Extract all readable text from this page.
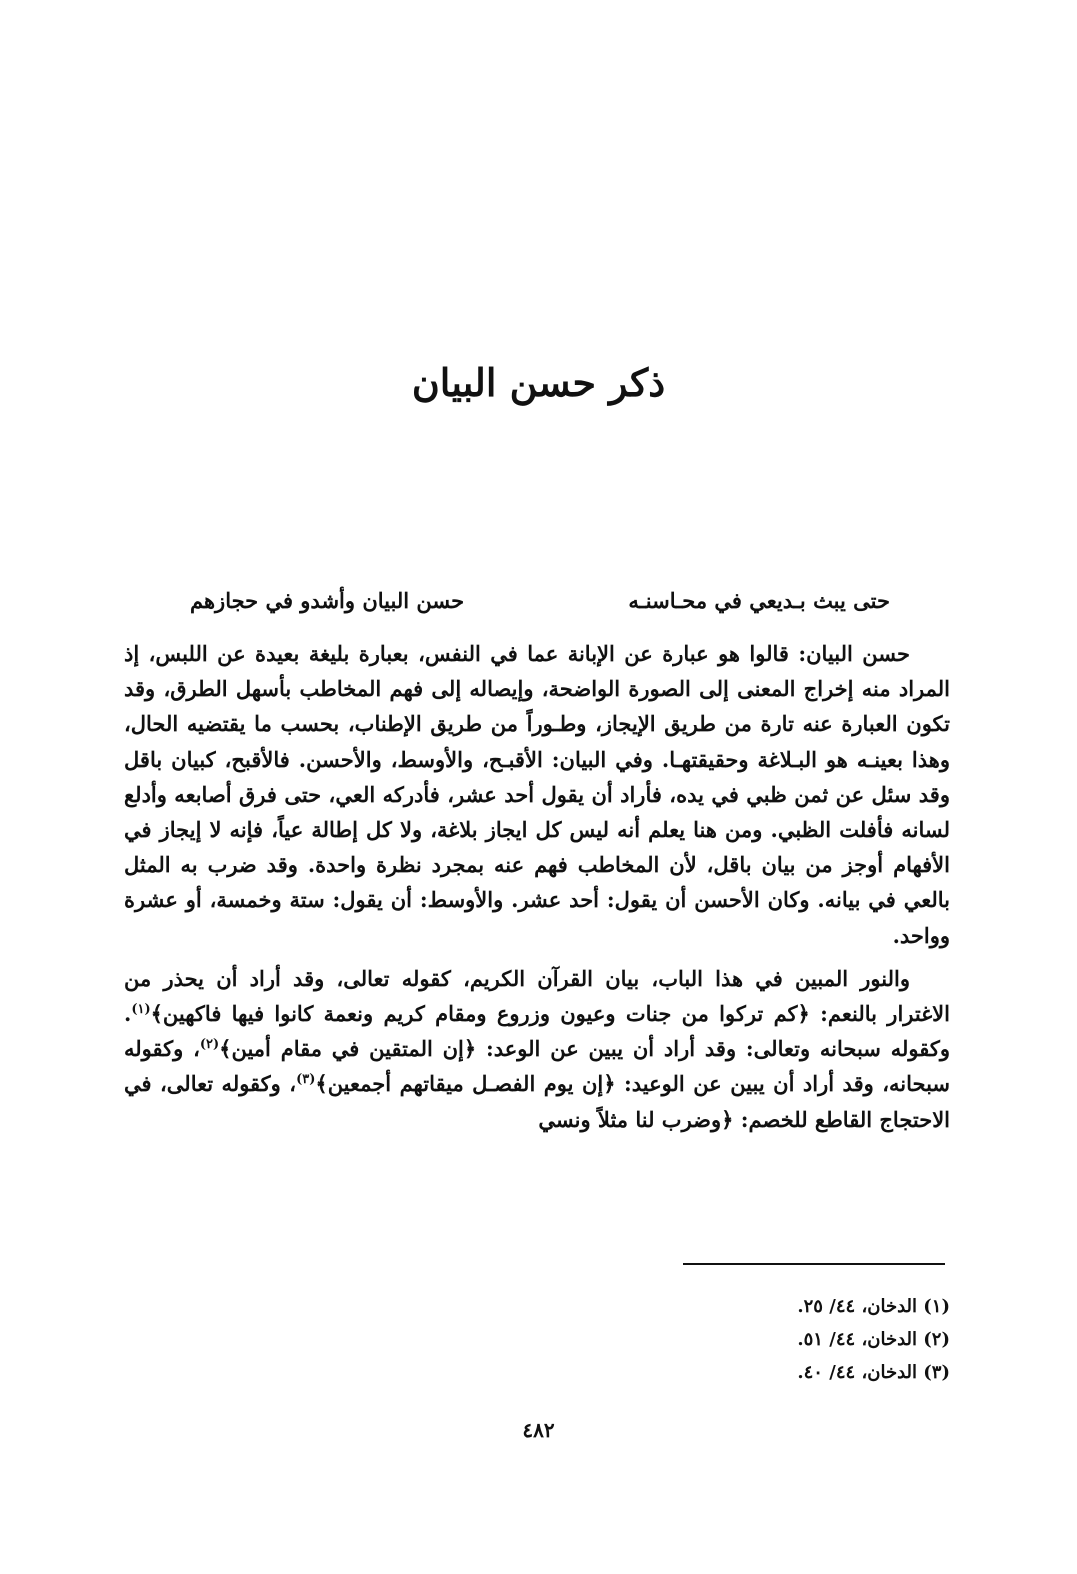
ذكر حسن البيان
حتى يبث بـديعي في محـاسنـه
حسن البيان وأشدو في حجازهم

حسن البيان: قالوا هو عبارة عن الإبانة عما في النفس، بعبارة بليغة بعيدة عن اللبس، إذ المراد منه إخراج المعنى إلى الصورة الواضحة، وإيصاله إلى فهم المخاطب بأسهل الطرق، وقد تكون العبارة عنه تارة من طريق الإيجاز، وطـوراً من طريق الإطناب، بحسب ما يقتضيه الحال، وهذا بعينـه هو البـلاغة وحقيقتهـا. وفي البيان: الأقبـح، والأوسط، والأحسن. فالأقبح، كبيان باقل وقد سئل عن ثمن ظبي في يده، فأراد أن يقول أحد عشر، فأدركه العي، حتى فرق أصابعه وأدلع لسانه فأفلت الظبي. ومن هنا يعلم أنه ليس كل ايجاز بلاغة، ولا كل إطالة عياً، فإنه لا إيجاز في الأفهام أوجز من بيان باقل، لأن المخاطب فهم عنه بمجرد نظرة واحدة. وقد ضرب به المثل بالعي في بيانه. وكان الأحسن أن يقول: أحد عشر. والأوسط: أن يقول: ستة وخمسة، أو عشرة وواحد.

والنور المبين في هذا الباب، بيان القرآن الكريم، كقوله تعالى، وقد أراد أن يحذر من الاغترار بالنعم: ﴿كم تركوا من جنات وعيون وزروع ومقام كريم ونعمة كانوا فيها فاكهين﴾$^{(١)}$. وكقوله سبحانه وتعالى: وقد أراد أن يبين عن الوعد: ﴿إن المتقين في مقام أمين﴾$^{(٢)}$، وكقوله سبحانه، وقد أراد أن يبين عن الوعيد: ﴿إن يوم الفصـل ميقاتهم أجمعين﴾$^{(٣)}$، وكقوله تعالى، في الاحتجاج القاطع للخصم: ﴿وضرب لنا مثلاً ونسي

(١) الدخان، ٤٤/ ٢٥.
(٢) الدخان، ٤٤/ ٥١.
(٣) الدخان، ٤٤/ ٤٠.
٤٨٢
